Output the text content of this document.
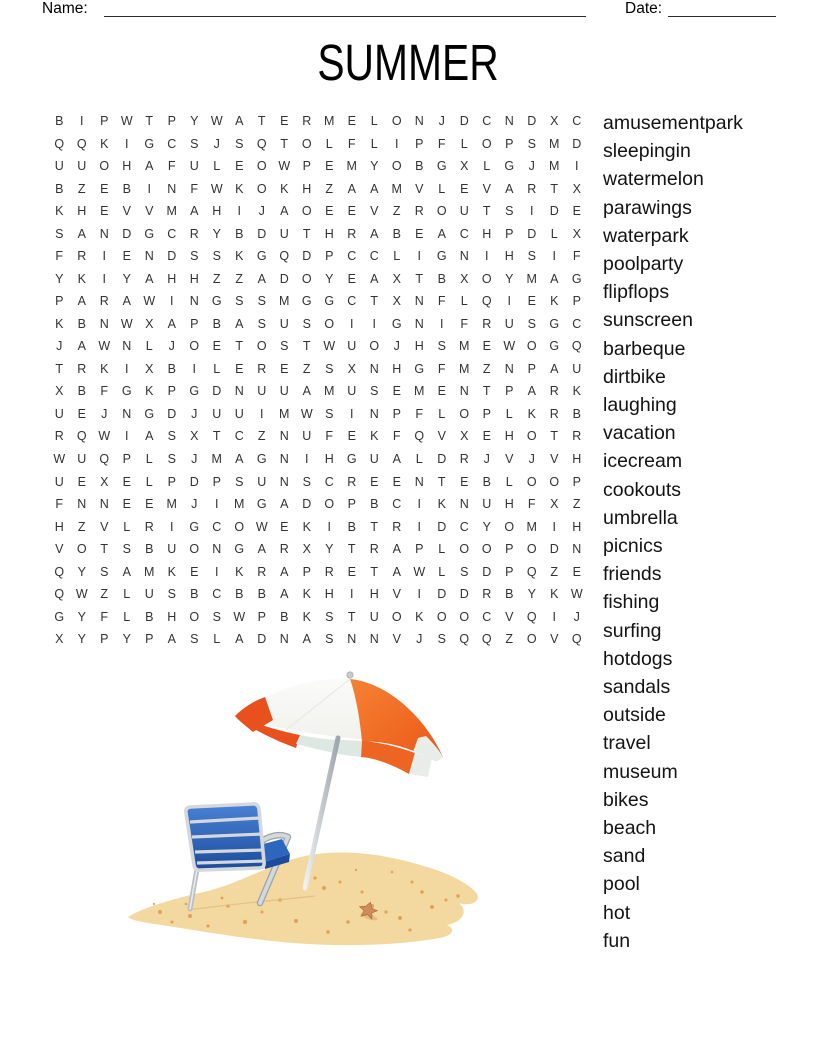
Name:	Date:
SUMMER
B	I	P W	T	P	Y W A	T	E	R	M	E	L	O	N	J	D	C	N	D	X	C
Q	Q	K	I	G	C	S	J	S	Q	T	O	L	F	L	I	P	F	L	O	P	S	M	D
U	U	O	H	A	F	U	L	E	O W P	E	M	Y	O	B	G	X	L	G	J	M	I
B	Z	E	B	I	N	F	W K	O	K	H	Z	A	A	M	V	L	E	V	A	R	T	X
K	H	E	V	V	M	A	H	I	J	A	O	E	E	V	Z	R	O	U	T	S	I	D	E
S	A	N	D	G	C	R	Y	B	D	U	T	H	R	A	B	E	A	C	H	P	D	L	X
F	R	I	E	N	D	S	S	K	G	Q	D	P	C	C	L	I	G	N	I	H	S	I	F
Y	K	I	Y	A	H	H	Z	Z	A	D	O	Y	E	A	X	T	B	X	O	Y	M	A	G
P	A	R	A W	I	N	G	S	S	M G	G	C	T	X	N	F	L	Q	I	E	K	P
K	B	N W X	A	P	B	A	S	U	S	O	I	I	G	N	I	F	R	U	S	G	C
J	A W N	L	J	O	E	T	O	S	T	W U	O	J	H	S	M	E W O	G	Q
T	R	K	I	X	B	I	L	E	R	E	Z	S	X	N	H	G	F	M	Z	N	P	A	U
X	B	F	G	K	P	G	D	N	U	U	A	M	U	S	E	M	E	N	T	P	A	R	K
U	E	J	N	G	D	J	U	U	I	M W S	I	N	P	F	L	O	P	L	K	R	B
R	Q W	I	A	S	X	T	C	Z	N	U	F	E	K	F	Q	V	X	E	H	O	T	R
W U	Q	P	L	S	J	M	A	G	N	I	H	G	U	A	L	D	R	J	V	J	V	H
U	E	X	E	L	P	D	P	S	U	N	S	C	R	E	E	N	T	E	B	L	O	O	P
F	N	N	E	E	M	J	I	M G	A	D	O	P	B	C	I	K	N	U	H	F	X	Z
H	Z	V	L	R	I	G	C	O W E	K	I	B	T	R	I	D	C	Y	O M	I	H
V	O	T	S	B	U	O	N	G	A	R	X	Y	T	R	A	P	L	O	O	P	O	D	N
Q	Y	S	A	M	K	E	I	K	R	A	P	R	E	T	A W	L	S	D	P	Q	Z	E
Q W	Z	L	U	S	B	C	B	B	A	K	H	I	H	V	I	D	D	R	B	Y	K W
G	Y	F	L	B	H	O	S W P	B	K	S	T	U	O	K	O	O	C	V	Q	I	J
X	Y	P	Y	P	A	S	L	A	D	N	A	S	N	N	V	J	S	Q	Q	Z	O	V	Q
amusementpark
sleepingin
watermelon
parawings
waterpark
poolparty
flipflops
sunscreen
barbeque
dirtbike
laughing
vacation
icecream
cookouts
umbrella
picnics
friends
fishing
surfing
hotdogs
sandals
outside
travel
museum
bikes
beach
sand
pool
hot
fun
